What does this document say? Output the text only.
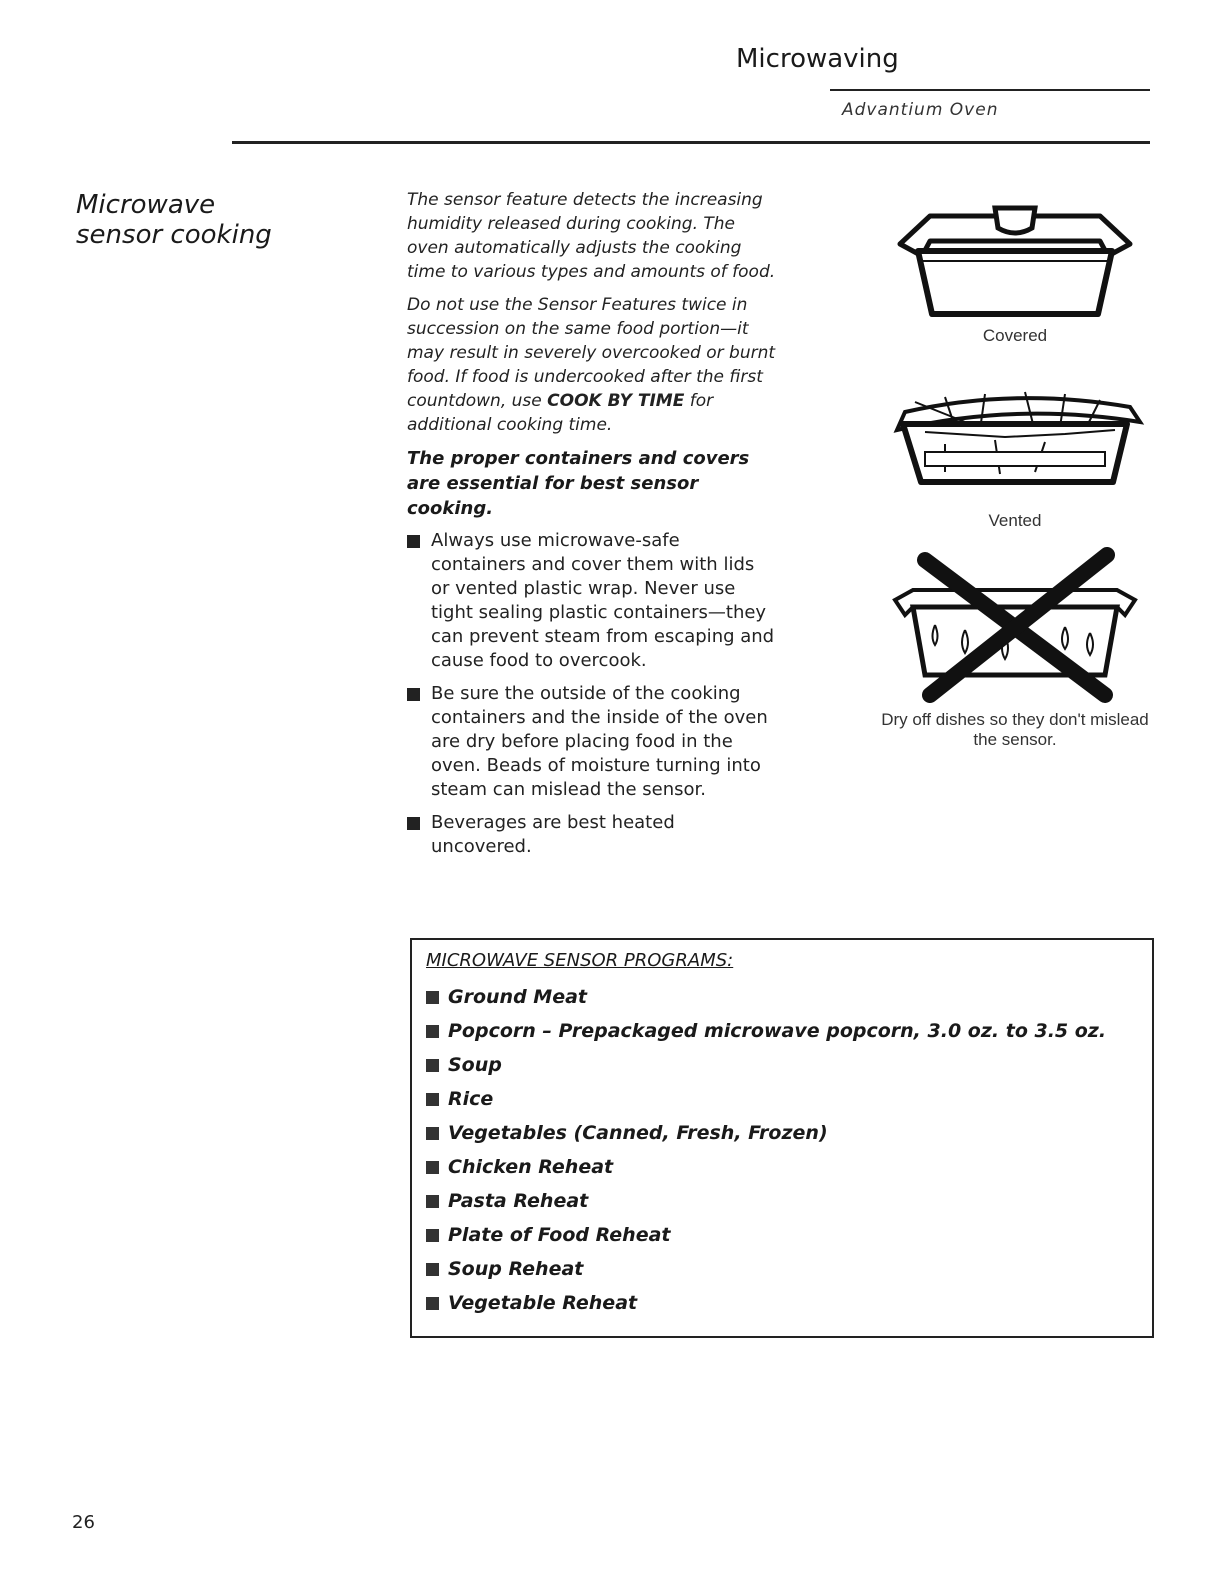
Microwaving
Advantium Oven
Microwave sensor cooking

The sensor feature detects the increasing humidity released during cooking. The oven automatically adjusts the cooking time to various types and amounts of food.

Do not use the Sensor Features twice in succession on the same food portion—it may result in severely overcooked or burnt food. If food is undercooked after the first countdown, use COOK BY TIME for additional cooking time.

The proper containers and covers are essential for best sensor cooking.

Always use microwave-safe containers and cover them with lids or vented plastic wrap. Never use tight sealing plastic containers—they can prevent steam from escaping and cause food to overcook.
Be sure the outside of the cooking containers and the inside of the oven are dry before placing food in the oven. Beads of moisture turning into steam can mislead the sensor.
Beverages are best heated uncovered.
Covered
Vented
Dry off dishes so they don't mislead the sensor.
MICROWAVE SENSOR PROGRAMS:
Ground Meat
Popcorn – Prepackaged microwave popcorn, 3.0 oz. to 3.5 oz.
Soup
Rice
Vegetables (Canned, Fresh, Frozen)
Chicken Reheat
Pasta Reheat
Plate of Food Reheat
Soup Reheat
Vegetable Reheat
26
